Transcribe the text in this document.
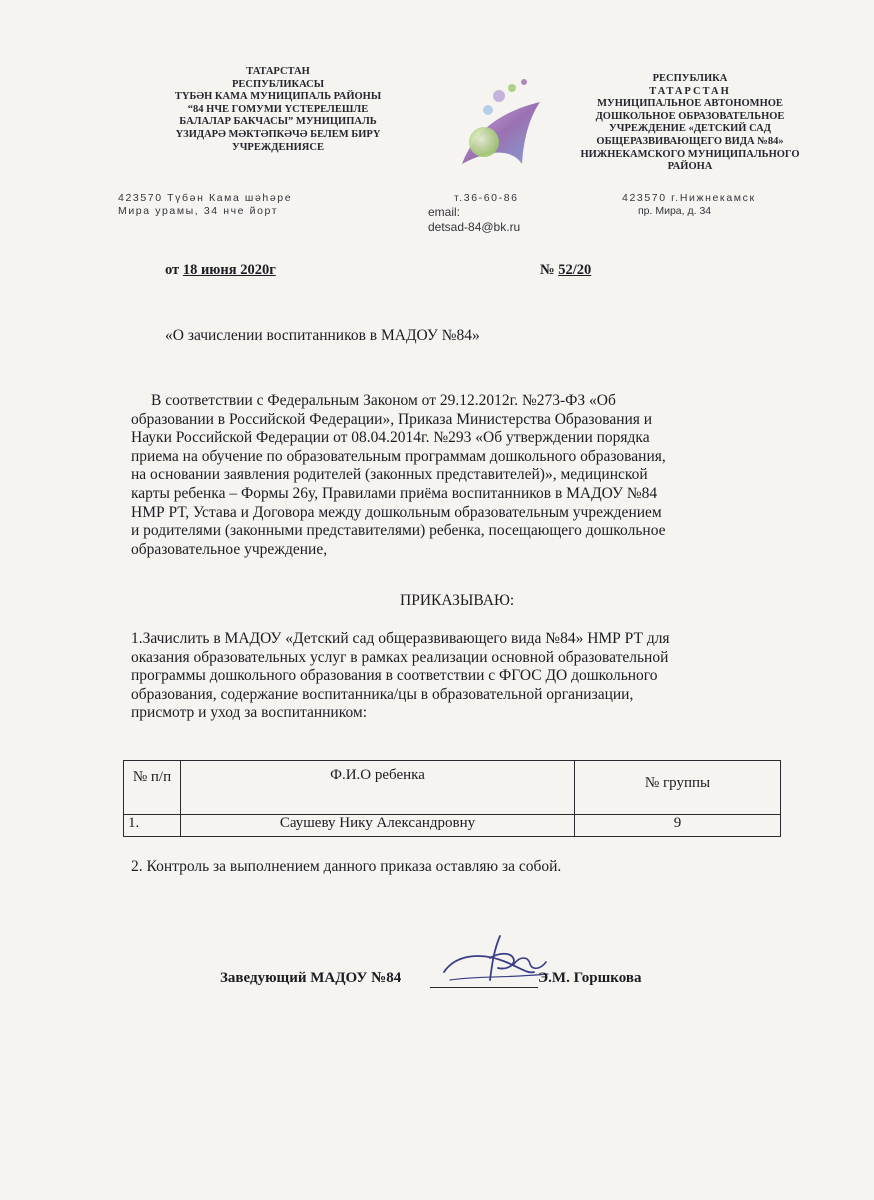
ТАТАРСТАН
РЕСПУБЛИКАСЫ
ТҮБӘН КАМА МУНИЦИПАЛЬ РАЙОНЫ
“84 НЧЕ ГОМУМИ ҮСТЕРЕЛЕШЛЕ
БАЛАЛАР БАКЧАСЫ” МУНИЦИПАЛЬ
ҮЗИДАРӘ МӘКТӘПКӘЧӘ БЕЛЕМ БИРҮ
УЧРЕЖДЕНИЯСЕ
РЕСПУБЛИКА
ТАТАРСТАН
МУНИЦИПАЛЬНОЕ АВТОНОМНОЕ
ДОШКОЛЬНОЕ ОБРАЗОВАТЕЛЬНОЕ
УЧРЕЖДЕНИЕ «ДЕТСКИЙ САД
ОБЩЕРАЗВИВАЮЩЕГО ВИДА №84»
НИЖНЕКАМСКОГО МУНИЦИПАЛЬНОГО
РАЙОНА
423570 Түбән Кама шәһәре
Мира урамы, 34 нче йорт
т.36-60-86
email:
detsad-84@bk.ru
423570 г.Нижнекамск
пр. Мира, д. 34
от 18 июня 2020г	№ 52/20
«О зачислении воспитанников в МАДОУ №84»
В соответствии с Федеральным Законом от 29.12.2012г. №273-ФЗ «Об
образовании в Российской Федерации», Приказа Министерства Образования и
Науки Российской Федерации от 08.04.2014г. №293 «Об утверждении порядка
приема на обучение по образовательным программам дошкольного образования,
на основании заявления родителей (законных представителей)», медицинской
карты ребенка – Формы 26у, Правилами приёма воспитанников в МАДОУ №84
НМР РТ, Устава и Договора между дошкольным образовательным учреждением
и родителями (законными представителями) ребенка, посещающего дошкольное
образовательное учреждение,
ПРИКАЗЫВАЮ:
1.Зачислить в МАДОУ «Детский сад общеразвивающего вида №84» НМР РТ для
оказания образовательных услуг в рамках реализации основной образовательной
программы дошкольного образования в соответствии с ФГОС ДО дошкольного
образования, содержание воспитанника/цы в образовательной организации,
присмотр и уход за воспитанником:
№ п/п	Ф.И.О ребенка	№ группы
1.	Саушеву Нику Александровну	9
2. Контроль за выполнением данного приказа оставляю за собой.
Заведующий МАДОУ №84	Э.М. Горшкова
